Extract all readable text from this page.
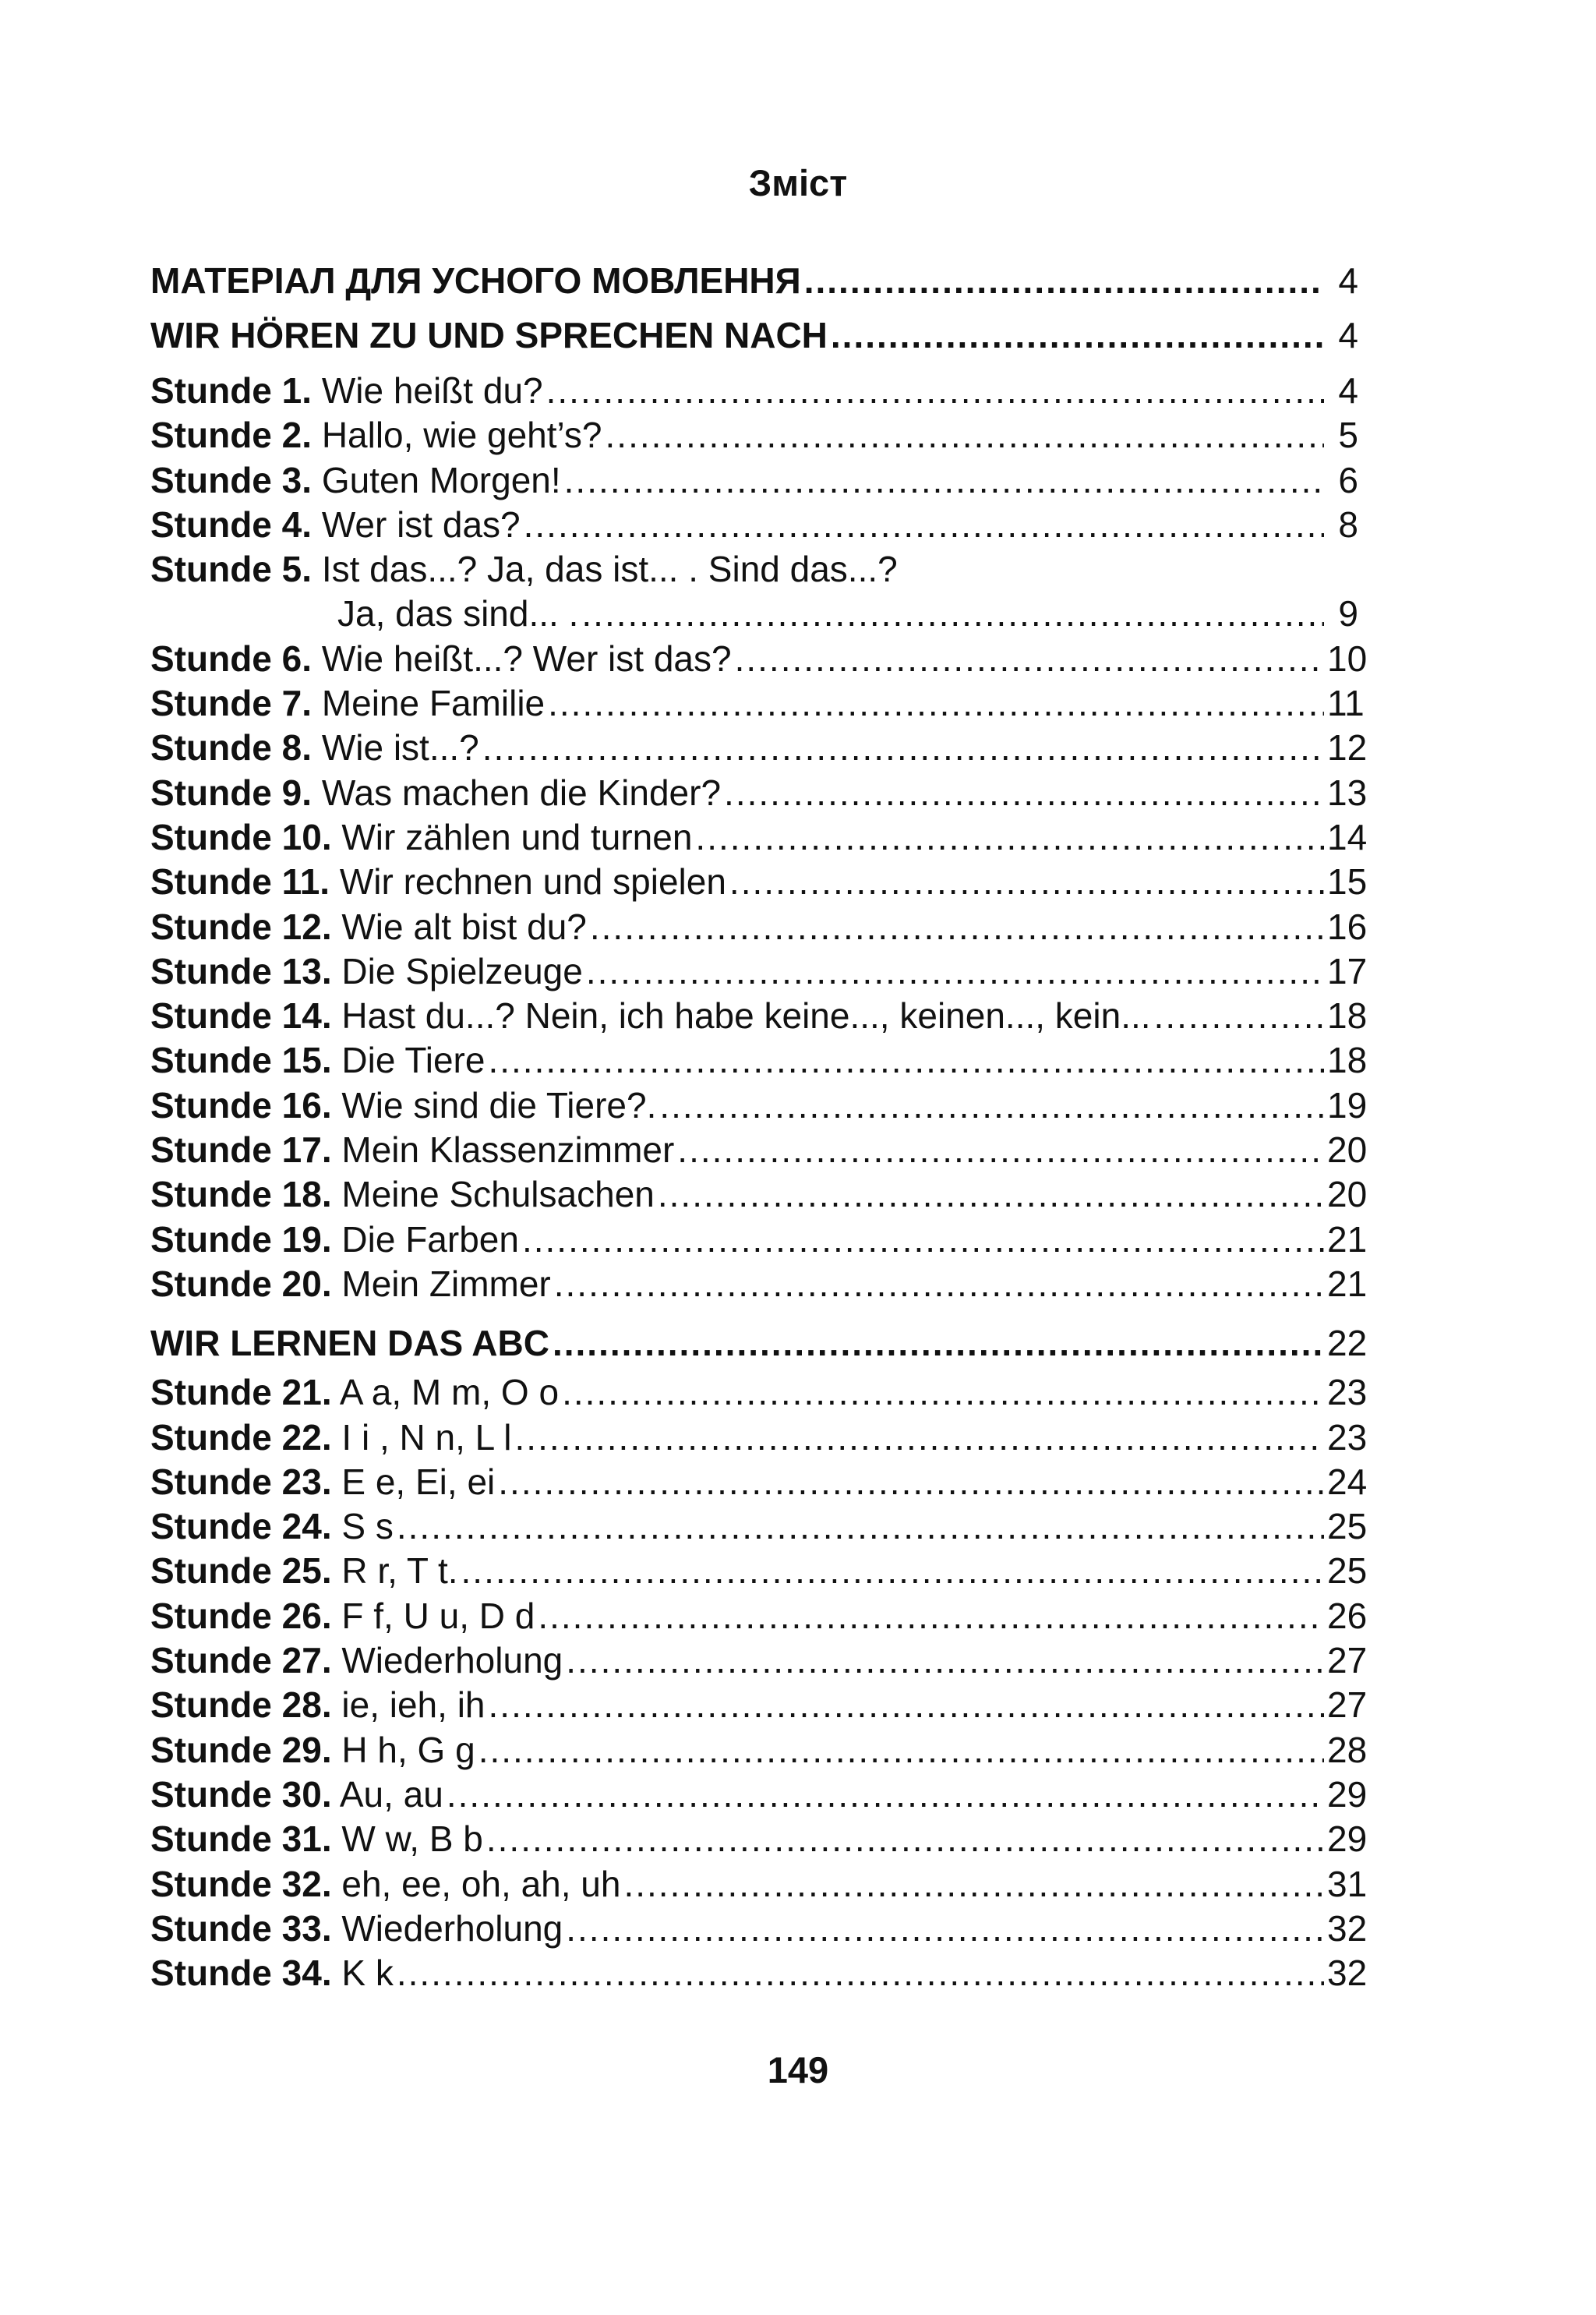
Зміст
МАТЕРІАЛ ДЛЯ УСНОГО МОВЛЕННЯ .....	4
WIR HÖREN ZU UND SPRECHEN NACH .....	4
Stunde 1. Wie heißt du? .....	4
Stunde 2. Hallo, wie geht’s? .....	5
Stunde 3. Guten Morgen! .....	6
Stunde 4. Wer ist das? .....	8
Stunde 5. Ist das...? Ja, das ist... . Sind das...?
Ja, das sind... . .....	9
Stunde 6. Wie heißt...? Wer ist das? .....	10
Stunde 7. Meine Familie .....	11
Stunde 8. Wie ist...? .....	12
Stunde 9. Was machen die Kinder? .....	13
Stunde 10. Wir zählen und turnen .....	14
Stunde 11. Wir rechnen und spielen .....	15
Stunde 12. Wie alt bist du? .....	16
Stunde 13. Die Spielzeuge .....	17
Stunde 14. Hast du...? Nein, ich habe keine..., keinen..., kein... .....	18
Stunde 15. Die Tiere .....	18
Stunde 16. Wie sind die Tiere?. .....	19
Stunde 17. Mein Klassenzimmer .....	20
Stunde 18. Meine Schulsachen .....	20
Stunde 19. Die Farben .....	21
Stunde 20. Mein Zimmer .....	21
WIR LERNEN DAS ABC .....	22
Stunde 21. A a, M m, O o .....	23
Stunde 22. I i , N n, L l .....	23
Stunde 23. E e, Ei, ei .....	24
Stunde 24. S s .....	25
Stunde 25. R r, T t. .....	25
Stunde 26. F f, U u, D d .....	26
Stunde 27. Wiederholung .....	27
Stunde 28. ie, ieh, ih .....	27
Stunde 29. H h, G g .....	28
Stunde 30. Au, au .....	29
Stunde 31. W w, B b .....	29
Stunde 32. eh, ee, oh, ah, uh .....	31
Stunde 33. Wiederholung .....	32
Stunde 34. K k .....	32
149
